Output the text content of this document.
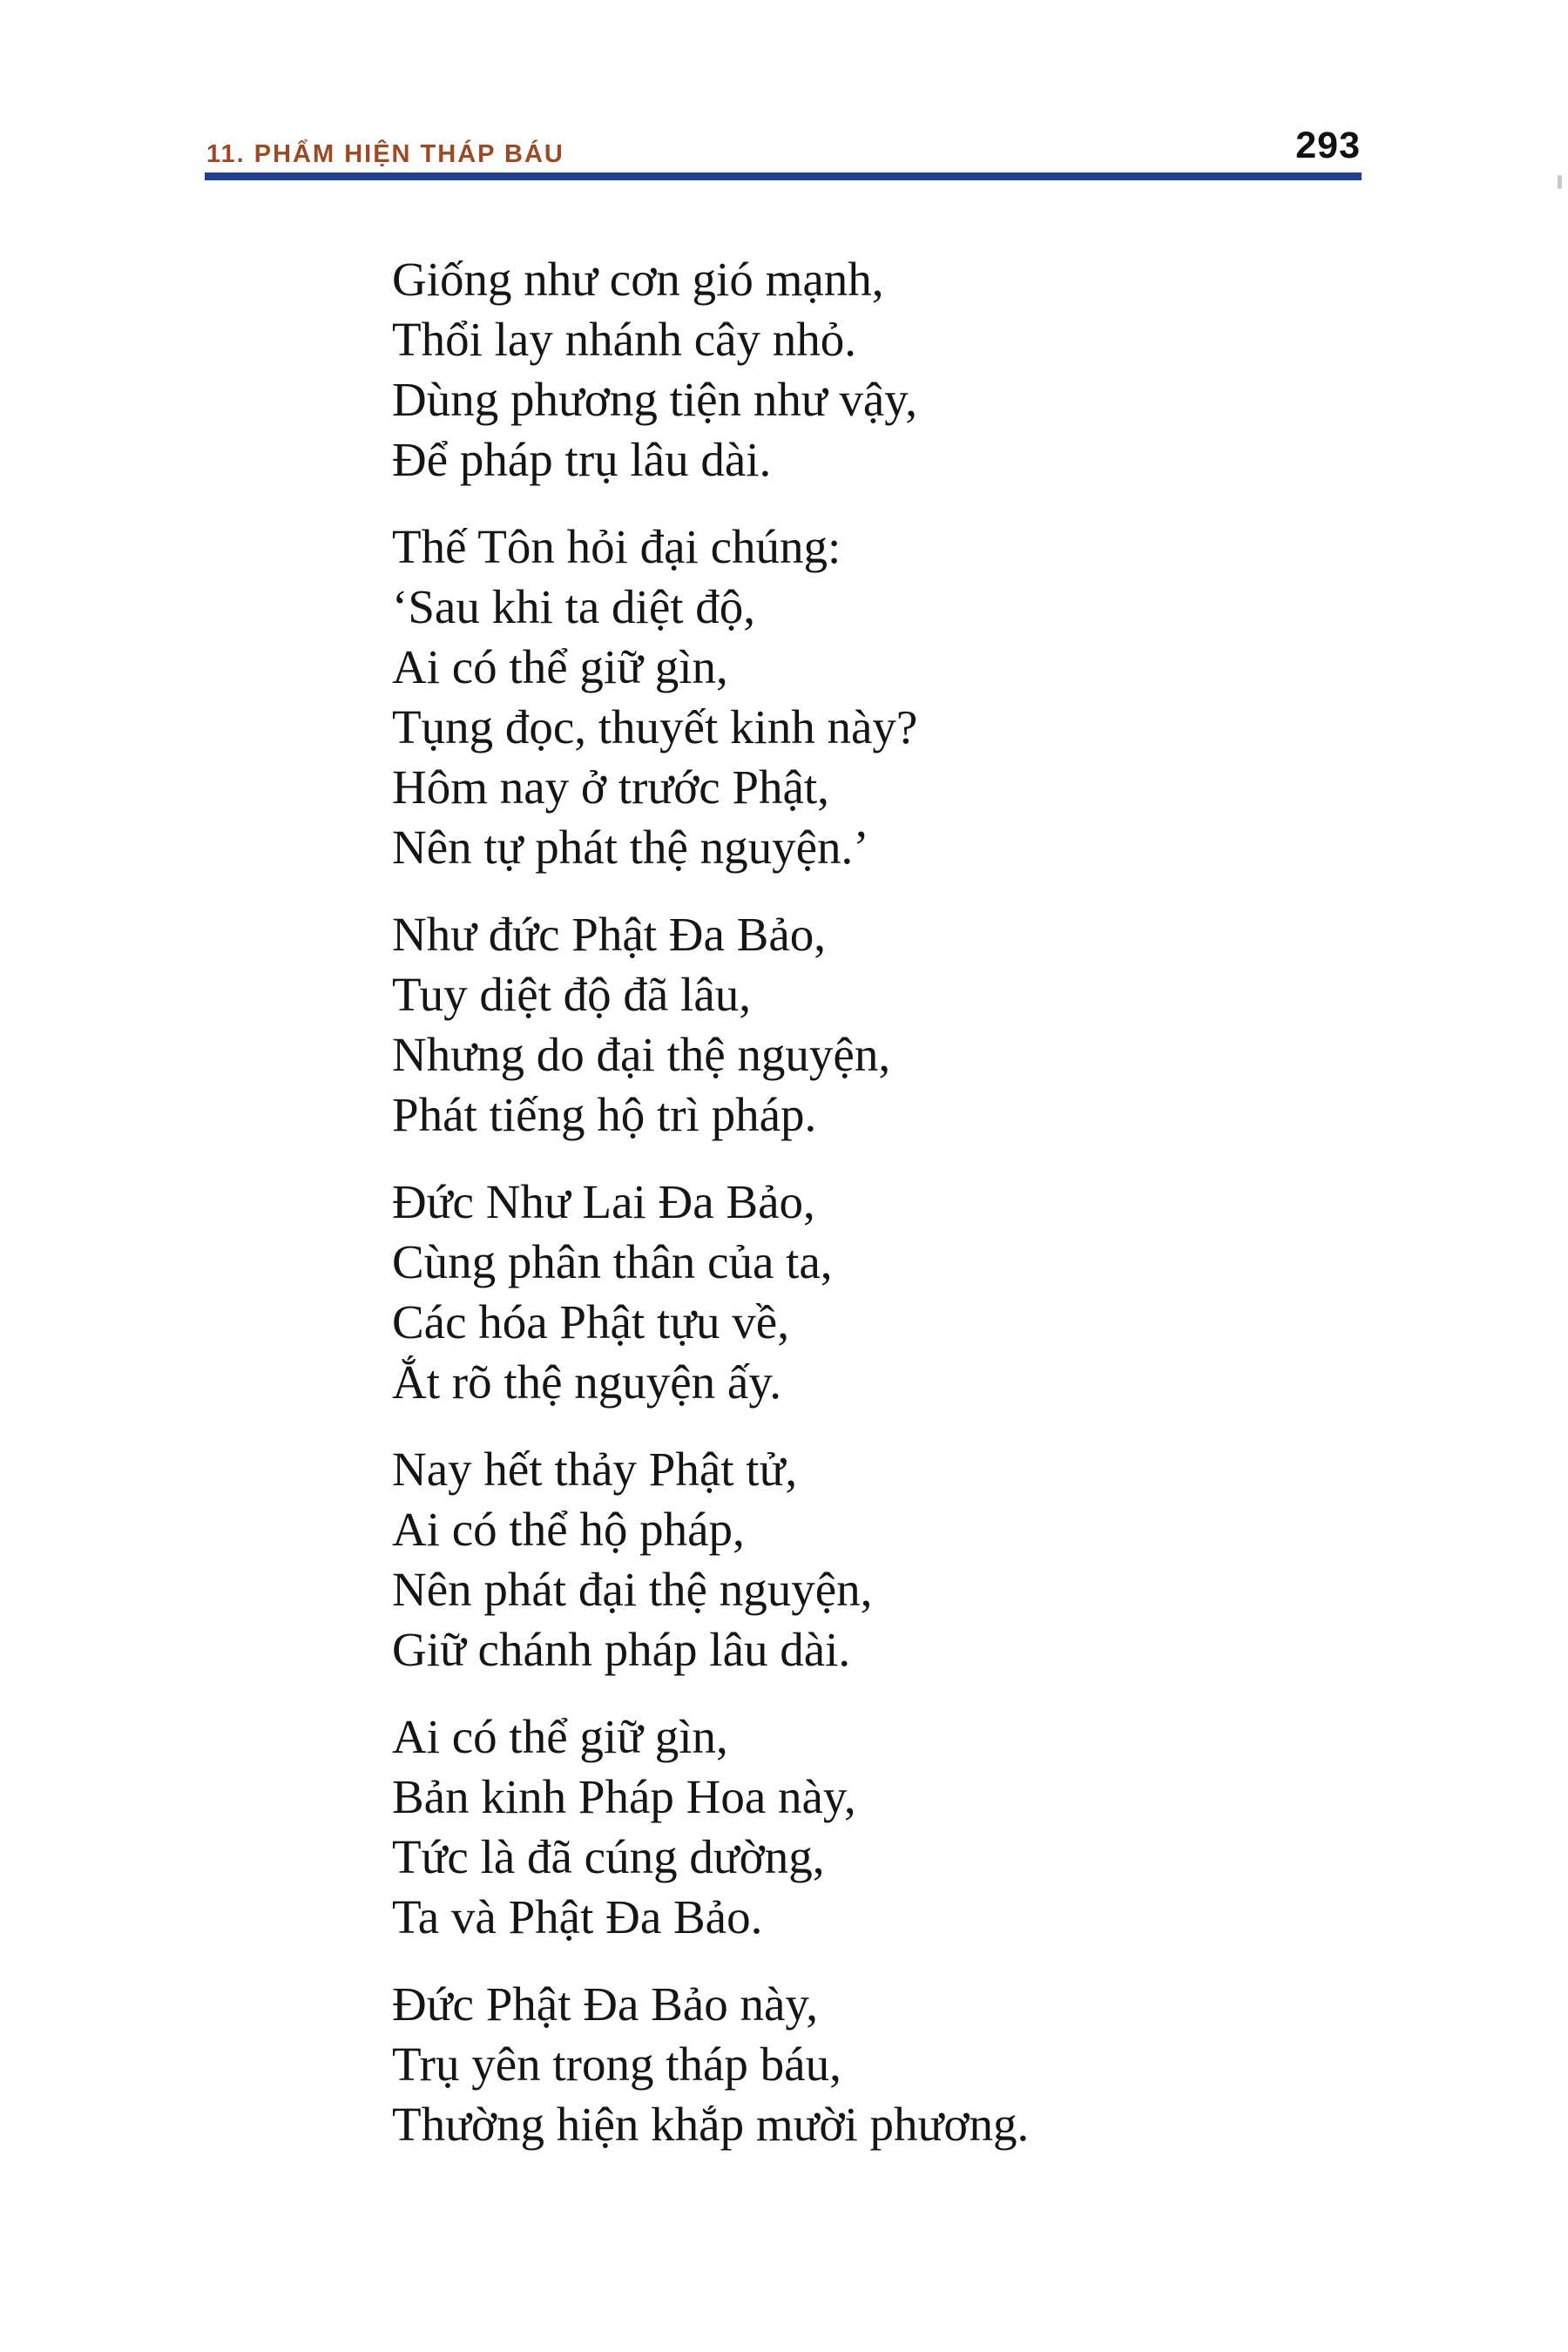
11. PHẨM HIỆN THÁP BÁU	293

Giống như cơn gió mạnh,
Thổi lay nhánh cây nhỏ.
Dùng phương tiện như vậy,
Để pháp trụ lâu dài.

Thế Tôn hỏi đại chúng:
‘Sau khi ta diệt độ,
Ai có thể giữ gìn,
Tụng đọc, thuyết kinh này?
Hôm nay ở trước Phật,
Nên tự phát thệ nguyện.’

Như đức Phật Đa Bảo,
Tuy diệt độ đã lâu,
Nhưng do đại thệ nguyện,
Phát tiếng hộ trì pháp.

Đức Như Lai Đa Bảo,
Cùng phân thân của ta,
Các hóa Phật tựu về,
Ắt rõ thệ nguyện ấy.

Nay hết thảy Phật tử,
Ai có thể hộ pháp,
Nên phát đại thệ nguyện,
Giữ chánh pháp lâu dài.

Ai có thể giữ gìn,
Bản kinh Pháp Hoa này,
Tức là đã cúng dường,
Ta và Phật Đa Bảo.

Đức Phật Đa Bảo này,
Trụ yên trong tháp báu,
Thường hiện khắp mười phương.
